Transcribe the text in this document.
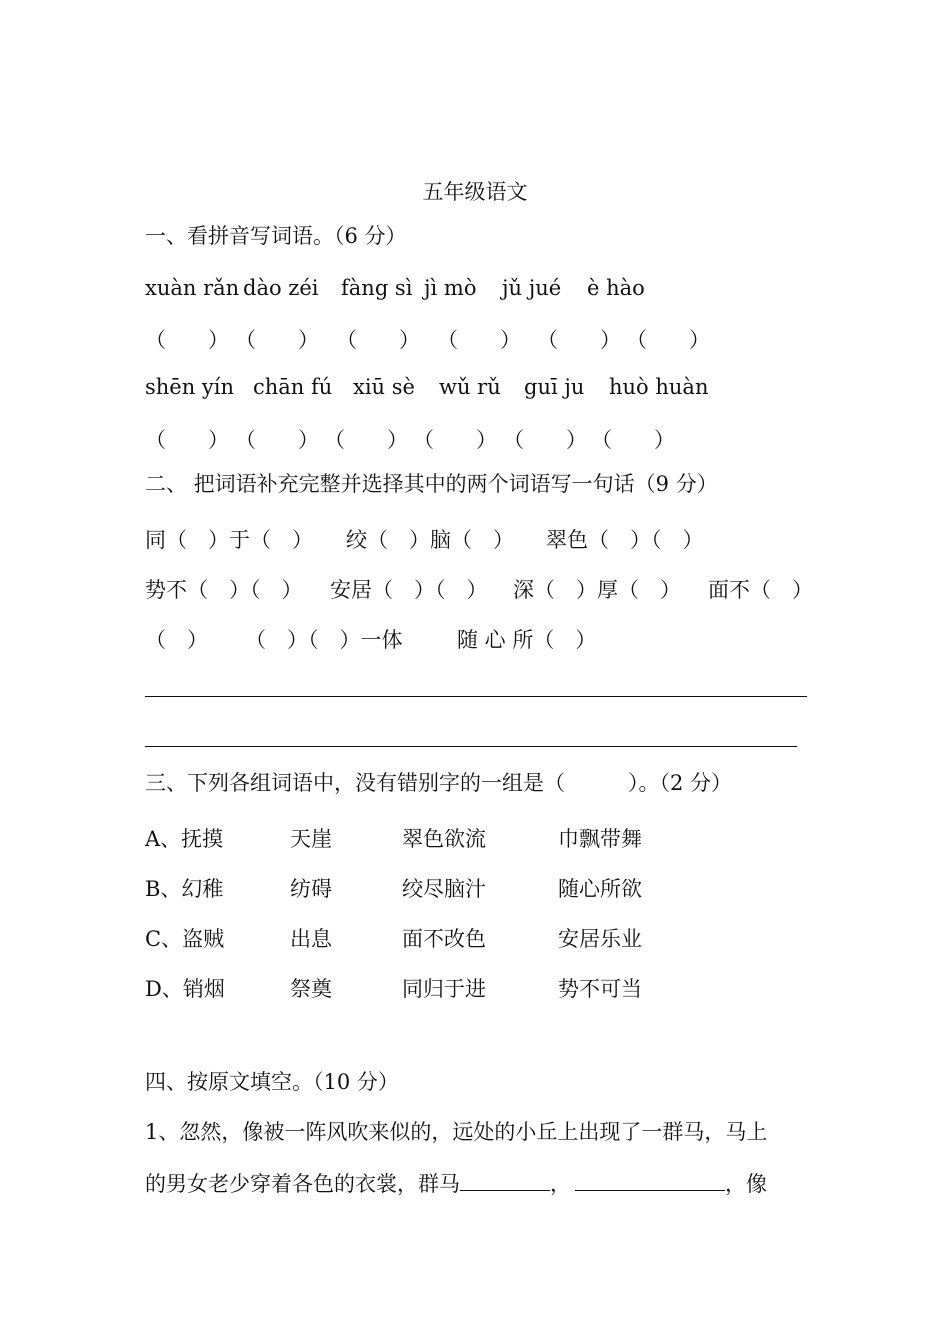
五年级语文
一、看拼音写词语。（6 分）
xuàn rǎn dào zéi fàng sì jì mò jǔ jué è hào
（　　） （　　） （　　） （　　） （　　） （　　）
shēn yín chān fú xiū sè wǔ rǔ guī ju huò huàn
（　　） （　　） （　　） （　　） （　　） （　　）
二、 把词语补充完整并选择其中的两个词语写一句话（9 分）
同（　）于（　） 绞（　）脑（　） 翠色（　）（　）
势不（　）（　） 安居（　）（　） 深（　）厚（　） 面不（　）
（　） （　）（　）一体	随 心 所（　）
三、下列各组词语中，没有错别字的一组是（　　　）。（2 分）
A、抚摸	天崖	翠色欲流	巾飘带舞
B、幻稚	纺碍	绞尽脑汁	随心所欲
C、盗贼	出息	面不改色	安居乐业
D、销烟	祭奠	同归于进	势不可当
四、按原文填空。（10 分）
1、忽然，像被一阵风吹来似的，远处的小丘上出现了一群马，马上
的男女老少穿着各色的衣裳，群马	，	，像
